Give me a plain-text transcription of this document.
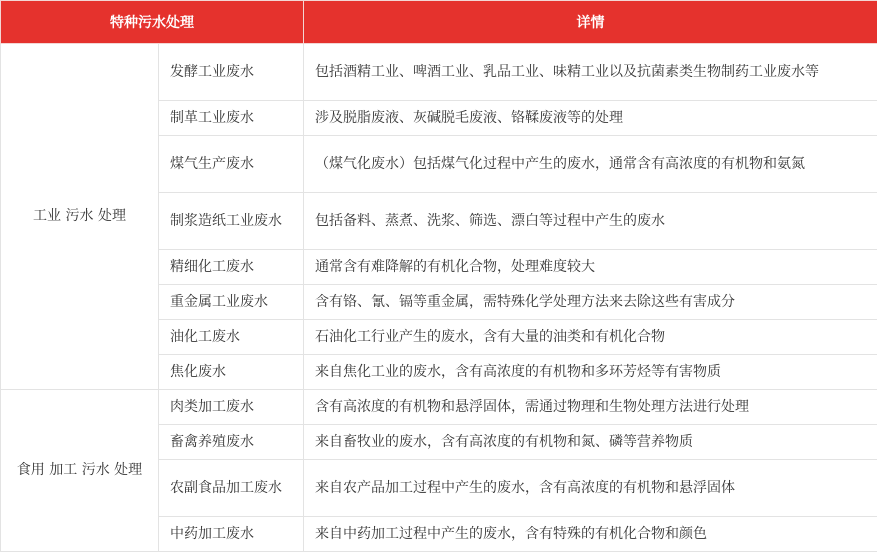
特种污水处理		详情
工业 污水 处理	发酵工业废水	包括酒精工业、啤酒工业、乳品工业、味精工业以及抗菌素类生物制药工业废水等
	制革工业废水	涉及脱脂废液、灰碱脱毛废液、铬鞣废液等的处理
	煤气生产废水	（煤气化废水）包括煤气化过程中产生的废水，通常含有高浓度的有机物和氨氮
	制浆造纸工业废水	包括备料、蒸煮、洗浆、筛选、漂白等过程中产生的废水
	精细化工废水	通常含有难降解的有机化合物，处理难度较大
	重金属工业废水	含有铬、氰、镉等重金属，需特殊化学处理方法来去除这些有害成分
	油化工废水	石油化工行业产生的废水，含有大量的油类和有机化合物
	焦化废水	来自焦化工业的废水，含有高浓度的有机物和多环芳烃等有害物质
食用 加工 污水 处理	肉类加工废水	含有高浓度的有机物和悬浮固体，需通过物理和生物处理方法进行处理
	畜禽养殖废水	来自畜牧业的废水，含有高浓度的有机物和氮、磷等营养物质
	农副食品加工废水	来自农产品加工过程中产生的废水，含有高浓度的有机物和悬浮固体
	中药加工废水	来自中药加工过程中产生的废水，含有特殊的有机化合物和颜色
